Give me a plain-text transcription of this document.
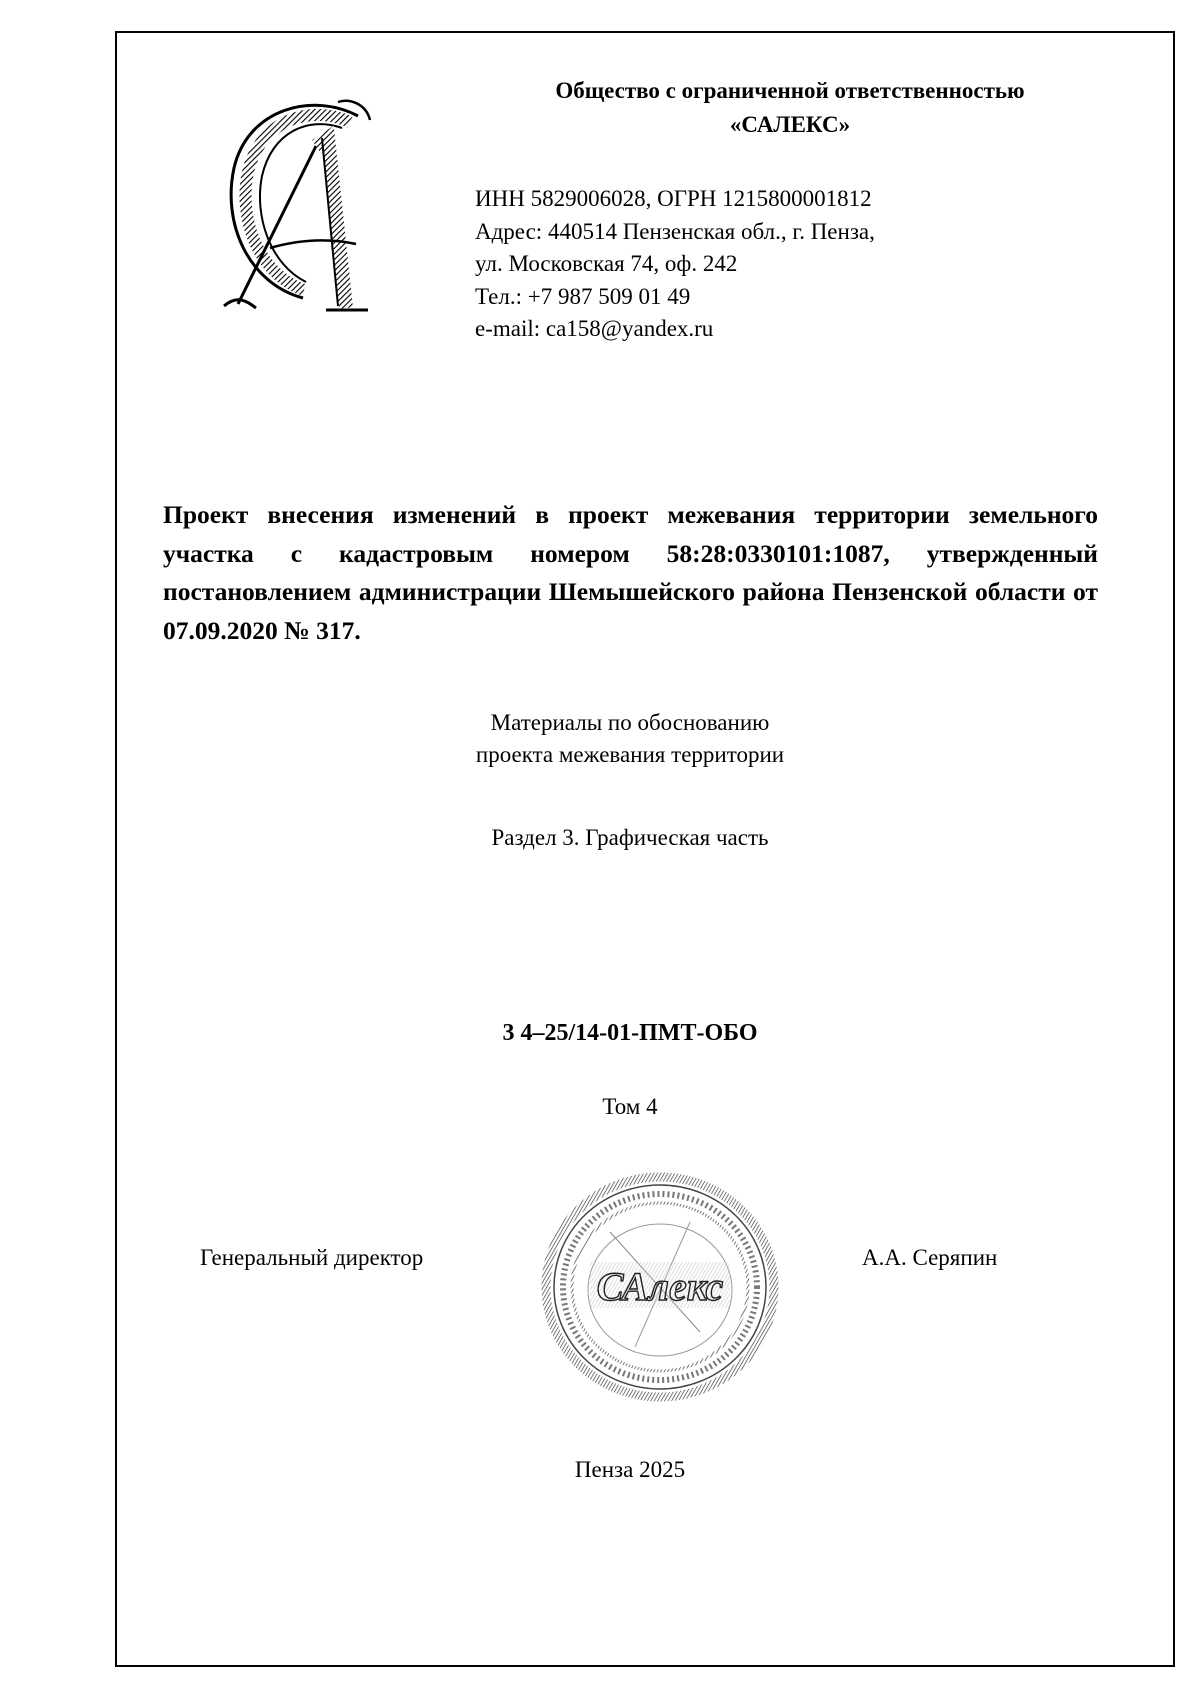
Общество с ограниченной ответственностью
«САЛЕКС»
ИНН 5829006028, ОГРН 1215800001812
Адрес: 440514 Пензенская обл., г. Пенза,
ул. Московская 74, оф. 242
Тел.: +7 987 509 01 49
e-mail: ca158@yandex.ru
Проект внесения изменений в проект межевания территории земельного участка с кадастровым номером 58:28:0330101:1087, утвержденный постановлением администрации Шемышейского района Пензенской области от 07.09.2020 № 317.
Материалы по обоснованию
проекта межевания территории
Раздел 3. Графическая часть
3 4–25/14-01-ПМТ-ОБО
Том 4
Генеральный директор
САлекс
А.А. Серяпин
Пенза 2025
